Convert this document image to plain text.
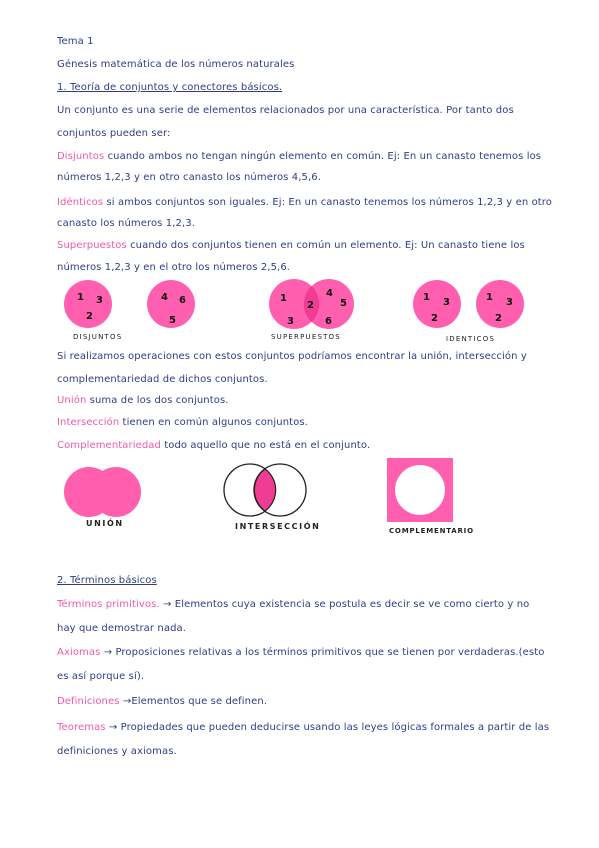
Tema 1
Génesis matemática de los números naturales
1. Teoría de conjuntos y conectores básicos.
Un conjunto es una serie de elementos relacionados por una característica. Por tanto dos
conjuntos pueden ser:
Disjuntos cuando ambos no tengan ningún elemento en común. Ej: En un canasto tenemos los
números 1,2,3 y en otro canasto los números 4,5,6.
Idénticos si ambos conjuntos son iguales. Ej: En un canasto tenemos los números 1,2,3 y en otro
canasto los números 1,2,3.
Superpuestos cuando dos conjuntos tienen en común un elemento. Ej: Un canasto tiene los
números 1,2,3 y en el otro los números 2,5,6.
1 3
2
4 6
5
1
2
4
5
3	6
1 3
2
1 3
2
DISJUNTOS	SUPERPUESTOS	IDENTICOS
Si realizamos operaciones con estos conjuntos podríamos encontrar la unión, intersección y
complementariedad de dichos conjuntos.
Unión suma de los dos conjuntos.
Intersección tienen en común algunos conjuntos.
Complementariedad todo aquello que no está en el conjunto.
UNIÓN	INTERSECCIÓN	COMPLEMENTARIO
2. Términos básicos
Términos primitivos. → Elementos cuya existencia se postula es decir se ve como cierto y no
hay que demostrar nada.
Axiomas → Proposiciones relativas a los términos primitivos que se tienen por verdaderas.(esto
es así porque sí).
Definiciones →Elementos que se definen.
Teoremas → Propiedades que pueden deducirse usando las leyes lógicas formales a partir de las
definiciones y axiomas.
